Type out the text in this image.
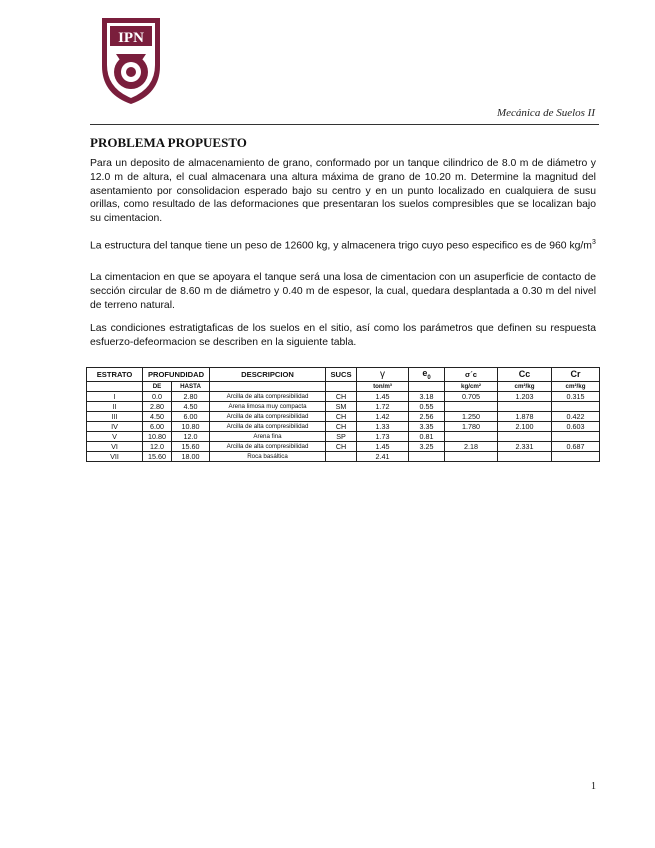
IPN
Mecánica de Suelos II
PROBLEMA PROPUESTO

Para un deposito de almacenamiento de grano, conformado por un tanque cilindrico de 8.0 m de diámetro y 12.0 m de altura, el cual almacenara una altura máxima de grano de 10.20 m. Determine la magnitud del asentamiento por consolidacion esperado bajo su centro y en un punto localizado en cualquiera de susu orillas, como resultado de las deformaciones que presentaran los suelos compresibles que se localizan bajo su cimentacion.

La estructura del tanque tiene un peso de 12600 kg, y almacenera trigo cuyo peso especifico es de 960 $kg/m^3$

La cimentacion en que se apoyara el tanque será una losa de cimentacion con un asuperficie de contacto de sección circular de 8.60 m de diámetro y 0.40 m de espesor, la cual, quedara desplantada a 0.30 m del nivel de terreno natural.

Las condiciones estratigtaficas de los suelos en el sitio, así como los parámetros que definen su respuesta esfuerzo-defeormacion se describen en la siguiente tabla.

ESTRATO	PROFUNDIDAD		DESCRIPCION	SUCS	γ	$e_0$	σ´c	Cc	Cr
	DE	HASTA			ton/m³		kg/cm²	cm²/kg	cm²/kg
I	0.0	2.80	Arcilla de alta compresibilidad	CH	1.45	3.18	0.705	1.203	0.315
II	2.80	4.50	Arena limosa muy compacta	SM	1.72	0.55			
III	4.50	6.00	Arcilla de alta compresibilidad	CH	1.42	2.56	1.250	1.878	0.422
IV	6.00	10.80	Arcilla de alta compresibilidad	CH	1.33	3.35	1.780	2.100	0.603
V	10.80	12.0	Arena fina	SP	1.73	0.81			
VI	12.0	15.60	Arcilla de alta compresibilidad	CH	1.45	3.25	2.18	2.331	0.687
VII	15.60	18.00	Roca basáltica		2.41				
1
